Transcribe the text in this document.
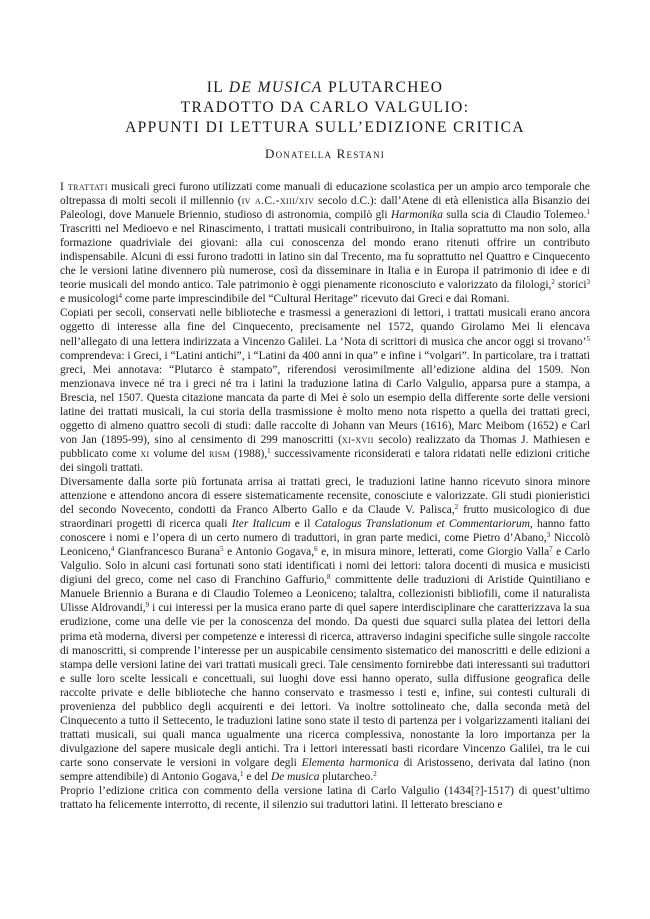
IL DE MUSICA PLUTARCHEO
TRADOTTO DA CARLO VALGULIO:
APPUNTI DI LETTURA SULL’EDIZIONE CRITICA
Donatella Restani

I trattati musicali greci furono utilizzati come manuali di educazione scolastica per un ampio arco temporale che oltrepassa di molti secoli il millennio (iv a.C.-xiii/xiv secolo d.C.): dall’Atene di età ellenistica alla Bisanzio dei Paleologi, dove Manuele Briennio, studioso di astronomia, compilò gli Harmonika sulla scia di Claudio Tolemeo.$^1$ Trascritti nel Medioevo e nel Rinascimento, i trattati musicali contribuirono, in Italia soprattutto ma non solo, alla formazione quadriviale dei giovani: alla cui conoscenza del mondo erano ritenuti offrire un contributo indispensabile. Alcuni di essi furono tradotti in latino sin dal Trecento, ma fu soprattutto nel Quattro e Cinquecento che le versioni latine divennero più numerose, così da disseminare in Italia e in Europa il patrimonio di idee e di teorie musicali del mondo antico. Tale patrimonio è oggi pienamente riconosciuto e valorizzato da filologi,$^2$ storici$^3$ e musicologi$^4$ come parte imprescindibile del “Cultural Heritage” ricevuto dai Greci e dai Romani.

Copiati per secoli, conservati nelle biblioteche e trasmessi a generazioni di lettori, i trattati musicali erano ancora oggetto di interesse alla fine del Cinquecento, precisamente nel 1572, quando Girolamo Mei li elencava nell’allegato di una lettera indirizzata a Vincenzo Galilei. La ‘Nota di scrittori di musica che ancor oggi si trovano’$^5$ comprendeva: i Greci, i “Latini antichi”, i “Latini da 400 anni in qua” e infine i “volgari”. In particolare, tra i trattati greci, Mei annotava: “Plutarco è stampato”, riferendosi verosimilmente all’edizione aldina del 1509. Non menzionava invece né tra i greci né tra i latini la traduzione latina di Carlo Valgulio, apparsa pure a stampa, a Brescia, nel 1507. Questa citazione mancata da parte di Mei è solo un esempio della differente sorte delle versioni latine dei trattati musicali, la cui storia della trasmissione è molto meno nota rispetto a quella dei trattati greci, oggetto di almeno quattro secoli di studi: dalle raccolte di Johann van Meurs (1616), Marc Meibom (1652) e Carl von Jan (1895-99), sino al censimento di 299 manoscritti (xi-xvii secolo) realizzato da Thomas J. Mathiesen e pubblicato come xi volume del rism (1988),$^1$ successivamente riconsiderati e talora ridatati nelle edizioni critiche dei singoli trattati.

Diversamente dalla sorte più fortunata arrisa ai trattati greci, le traduzioni latine hanno ricevuto sinora minore attenzione e attendono ancora di essere sistematicamente recensite, conosciute e valorizzate. Gli studi pionieristici del secondo Novecento, condotti da Franco Alberto Gallo e da Claude V. Palisca,$^2$ frutto musicologico di due straordinari progetti di ricerca quali Iter Italicum e il Catalogus Translationum et Commentariorum, hanno fatto conoscere i nomi e l’opera di un certo numero di traduttori, in gran parte medici, come Pietro d’Abano,$^3$ Niccolò Leoniceno,$^4$ Gianfrancesco Burana$^5$ e Antonio Gogava,$^6$ e, in misura minore, letterati, come Giorgio Valla$^7$ e Carlo Valgulio. Solo in alcuni casi fortunati sono stati identificati i nomi dei lettori: talora docenti di musica e musicisti digiuni del greco, come nel caso di Franchino Gaffurio,$^8$ committente delle traduzioni di Aristide Quintiliano e Manuele Briennio a Burana e di Claudio Tolemeo a Leoniceno; talaltra, collezionisti bibliofili, come il naturalista Ulisse Aldrovandi,$^9$ i cui interessi per la musica erano parte di quel sapere interdisciplinare che caratterizzava la sua erudizione, come una delle vie per la conoscenza del mondo. Da questi due squarci sulla platea dei lettori della prima età moderna, diversi per competenze e interessi di ricerca, attraverso indagini specifiche sulle singole raccolte di manoscritti, si comprende l’interesse per un auspicabile censimento sistematico dei manoscritti e delle edizioni a stampa delle versioni latine dei vari trattati musicali greci. Tale censimento fornirebbe dati interessanti sui traduttori e sulle loro scelte lessicali e concettuali, sui luoghi dove essi hanno operato, sulla diffusione geografica delle raccolte private e delle biblioteche che hanno conservato e trasmesso i testi e, infine, sui contesti culturali di provenienza del pubblico degli acquirenti e dei lettori. Va inoltre sottolineato che, dalla seconda metà del Cinquecento a tutto il Settecento, le traduzioni latine sono state il testo di partenza per i volgarizzamenti italiani dei trattati musicali, sui quali manca ugualmente una ricerca complessiva, nonostante la loro importanza per la divulgazione del sapere musicale degli antichi. Tra i lettori interessati basti ricordare Vincenzo Galilei, tra le cui carte sono conservate le versioni in volgare degli Elementa harmonica di Aristosseno, derivata dal latino (non sempre attendibile) di Antonio Gogava,$^1$ e del De musica plutarcheo.$^2$

Proprio l’edizione critica con commento della versione latina di Carlo Valgulio (1434[?]-1517) di quest’ultimo trattato ha felicemente interrotto, di recente, il silenzio sui traduttori latini. Il letterato bresciano e
